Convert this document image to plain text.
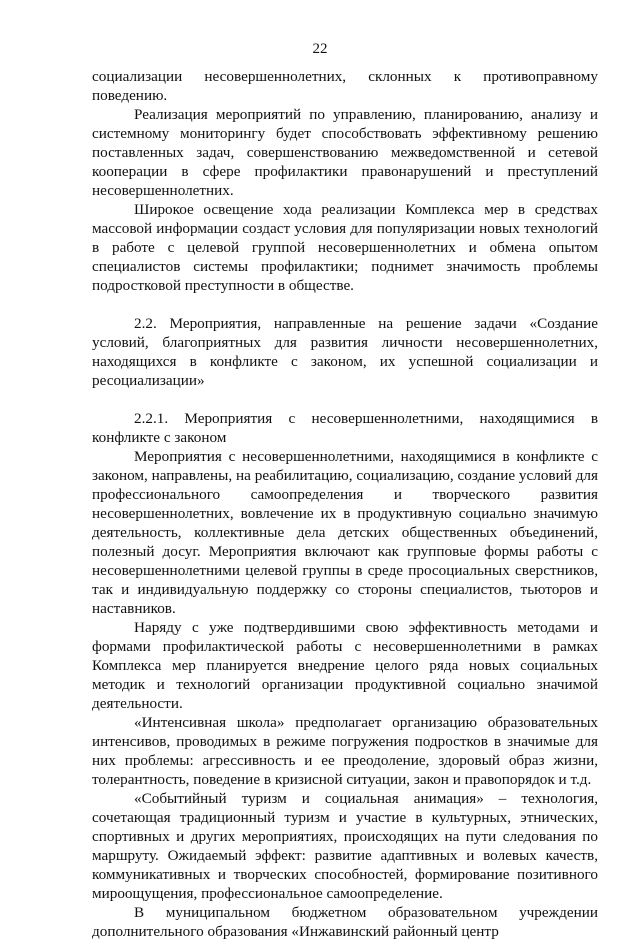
22

социализации несовершеннолетних, склонных к противоправному поведению.

Реализация мероприятий по управлению, планированию, анализу и системному мониторингу будет способствовать эффективному решению поставленных задач, совершенствованию межведомственной и сетевой кооперации в сфере профилактики правонарушений и преступлений несовершеннолетних.

Широкое освещение хода реализации Комплекса мер в средствах массовой информации создаст условия для популяризации новых технологий в работе с целевой группой несовершеннолетних и обмена опытом специалистов системы профилактики; поднимет значимость проблемы подростковой преступности в обществе.

2.2. Мероприятия, направленные на решение задачи «Создание условий, благоприятных для развития личности несовершеннолетних, находящихся в конфликте с законом, их успешной социализации и ресоциализации»

2.2.1. Мероприятия с несовершеннолетними, находящимися в конфликте с законом

Мероприятия с несовершеннолетними, находящимися в конфликте с законом, направлены, на реабилитацию, социализацию, создание условий для профессионального самоопределения и творческого развития несовершеннолетних, вовлечение их в продуктивную социально значимую деятельность, коллективные дела детских общественных объединений, полезный досуг. Мероприятия включают как групповые формы работы с несовершеннолетними целевой группы в среде просоциальных сверстников, так и индивидуальную поддержку со стороны специалистов, тьюторов и наставников.

Наряду с уже подтвердившими свою эффективность методами и формами профилактической работы с несовершеннолетними в рамках Комплекса мер планируется внедрение целого ряда новых социальных методик и технологий организации продуктивной социально значимой деятельности.

«Интенсивная школа» предполагает организацию образовательных интенсивов, проводимых в режиме погружения подростков в значимые для них проблемы: агрессивность и ее преодоление, здоровый образ жизни, толерантность, поведение в кризисной ситуации, закон и правопорядок и т.д.

«Событийный туризм и социальная анимация» – технология, сочетающая традиционный туризм и участие в культурных, этнических, спортивных и других мероприятиях, происходящих на пути следования по маршруту. Ожидаемый эффект: развитие адаптивных и волевых качеств, коммуникативных и творческих способностей, формирование позитивного мироощущения, профессиональное самоопределение.

В муниципальном бюджетном образовательном учреждении дополнительного образования «Инжавинский районный центр
